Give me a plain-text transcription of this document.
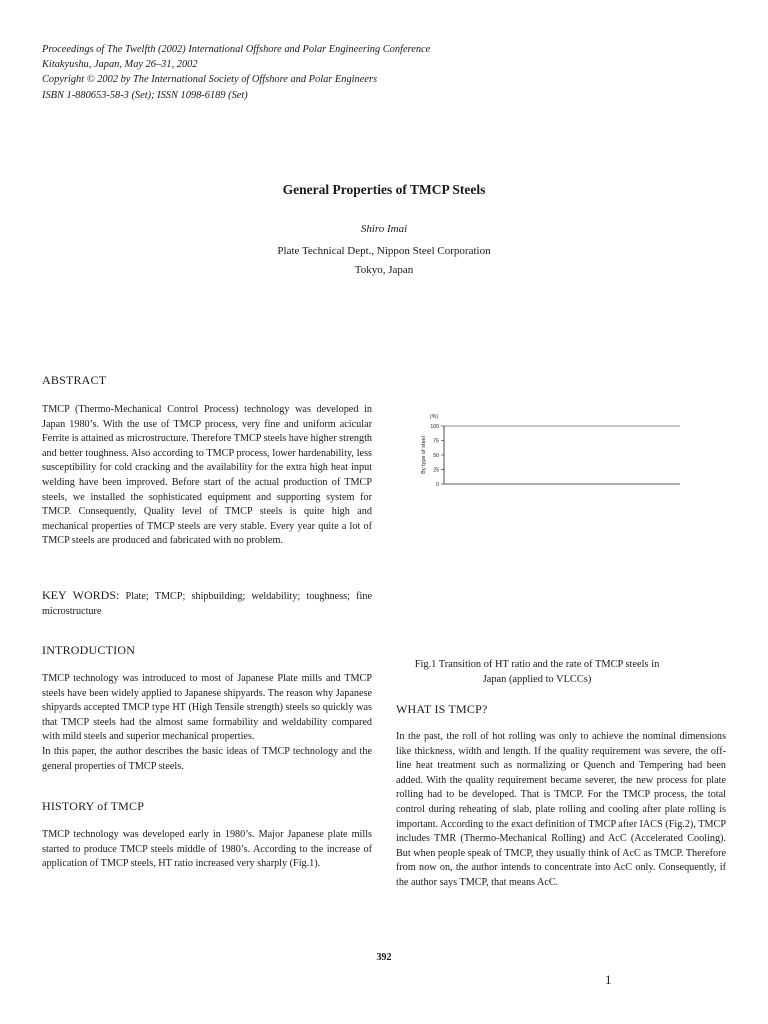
Proceedings of The Twelfth (2002) International Offshore and Polar Engineering Conference
Kitakyushu, Japan, May 26–31, 2002
Copyright © 2002 by The International Society of Offshore and Polar Engineers
ISBN 1-880653-58-3 (Set); ISSN 1098-6189 (Set)
General Properties of TMCP Steels
Shiro Imai
Plate Technical Dept., Nippon Steel Corporation
Tokyo, Japan
ABSTRACT
TMCP (Thermo-Mechanical Control Process) technology was developed in Japan 1980’s. With the use of TMCP process, very fine and uniform acicular Ferrite is attained as microstructure. Therefore TMCP steels have higher strength and better toughness. Also according to TMCP process, lower hardenability, less susceptibility for cold cracking and the availability for the extra high heat input welding have been improved. Before start of the actual production of TMCP steels, we installed the sophisticated equipment and supporting system for TMCP. Consequently, Quality level of TMCP steels is quite high and mechanical properties of TMCP steels are very stable. Every year quite a lot of TMCP steels are produced and fabricated with no problem.
KEY WORDS: Plate; TMCP; shipbuilding; weldability; toughness; fine microstructure
INTRODUCTION
TMCP technology was introduced to most of Japanese Plate mills and TMCP steels have been widely applied to Japanese shipyards. The reason why Japanese shipyards accepted TMCP type HT (High Tensile strength) steels so quickly was that TMCP steels had the almost same formability and weldability compared with mild steels and superior mechanical properties.
In this paper, the author describes the basic ideas of TMCP technology and the general properties of TMCP steels.
HISTORY of TMCP
TMCP technology was developed early in 1980’s. Major Japanese plate mills started to produce TMCP steels middle of 1980’s. According to the increase of application of TMCP steels, HT ratio increased very sharply (Fig.1).
0
25
50
75
100
(%)
By type of steel
Fig.1 Transition of HT ratio and the rate of TMCP steels in Japan (applied to VLCCs)
WHAT IS TMCP?
In the past, the roll of hot rolling was only to achieve the nominal dimensions like thickness, width and length. If the quality requirement was severe, the off-line heat treatment such as normalizing or Quench and Tempering had been added. With the quality requirement became severer, the new process for plate rolling had to be developed. That is TMCP. For the TMCP process, the total control during reheating of slab, plate rolling and cooling after plate rolling is important. According to the exact definition of TMCP after IACS (Fig.2), TMCP includes TMR (Thermo-Mechanical Rolling) and AcC (Accelerated Cooling). But when people speak of TMCP, they usually think of AcC as TMCP. Therefore from now on, the author intends to concentrate into AcC only. Consequently, if the author says TMCP, that means AcC.
392
1
